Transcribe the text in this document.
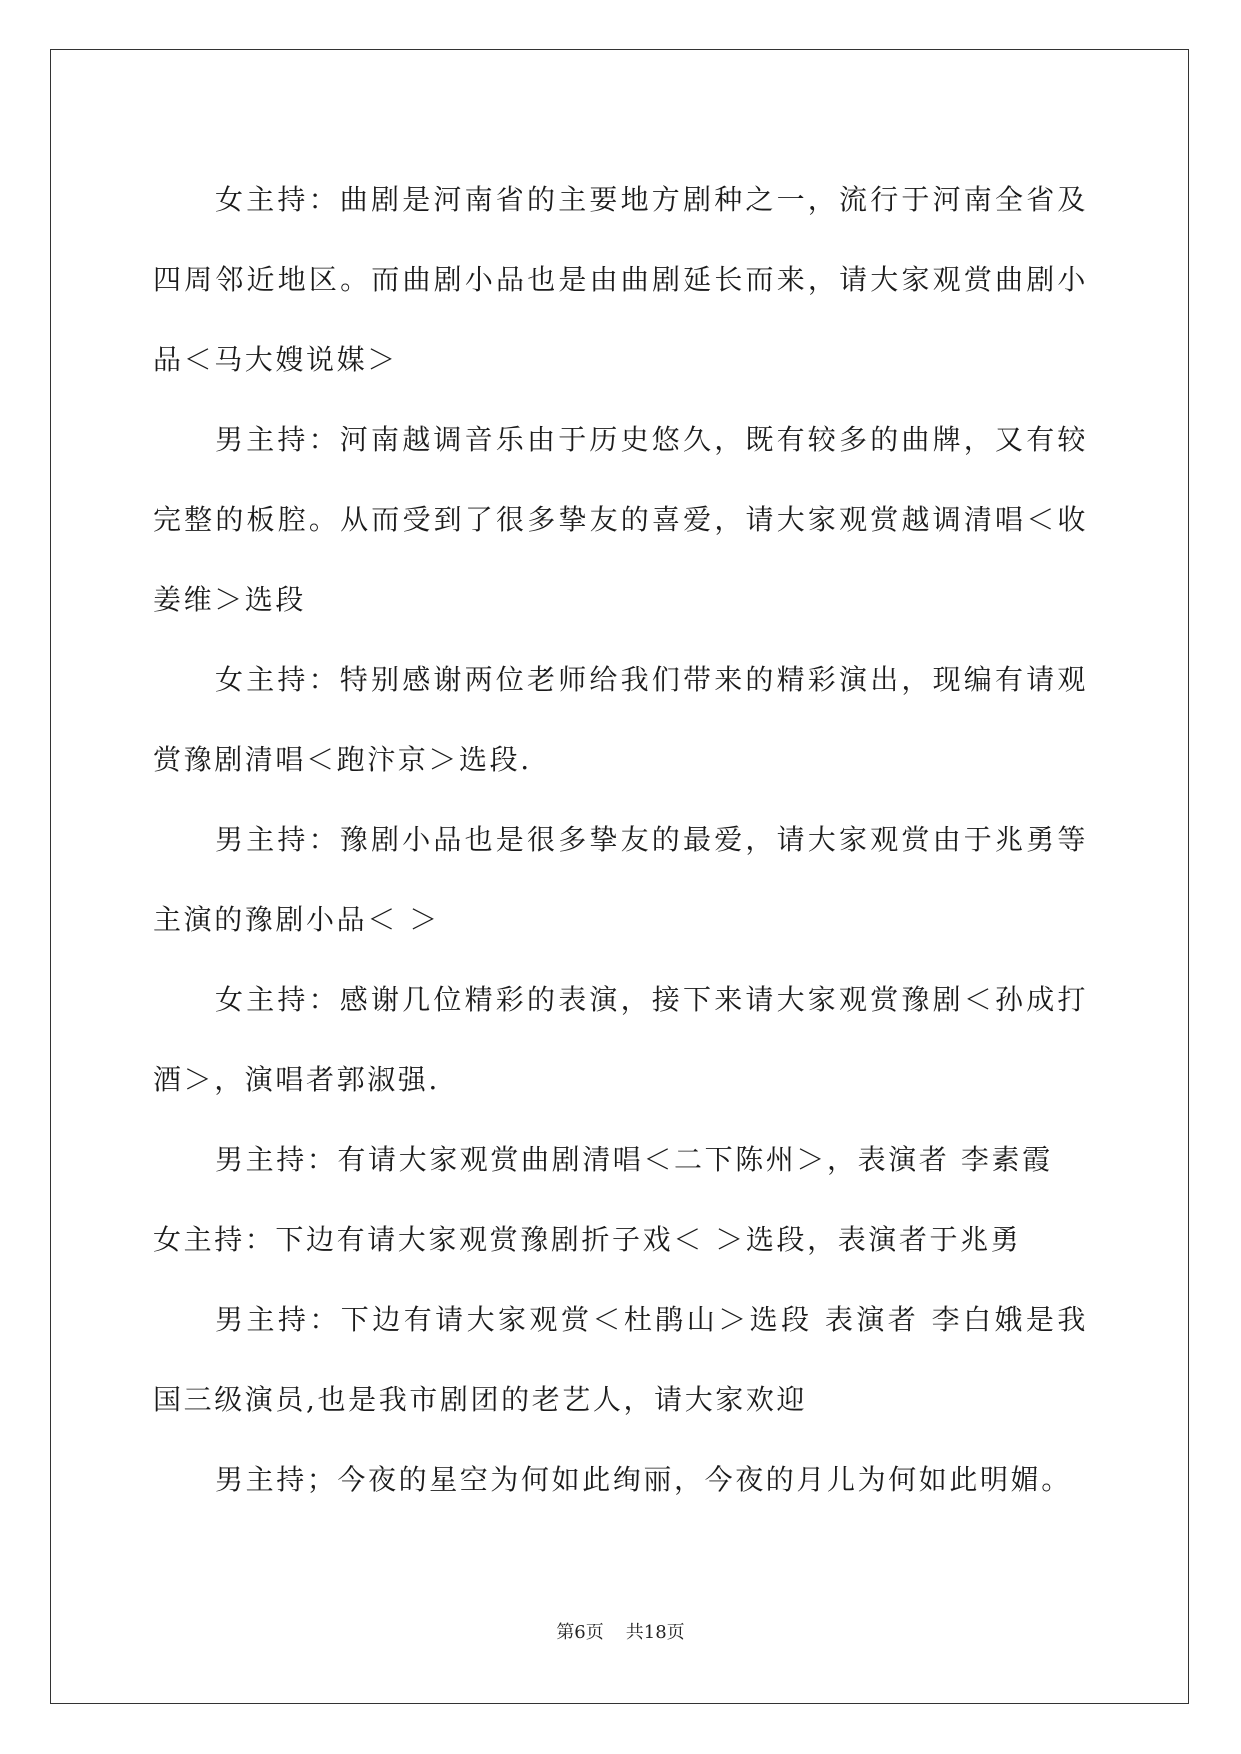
女主持：曲剧是河南省的主要地方剧种之一，流行于河南全省及四周邻近地区。而曲剧小品也是由曲剧延长而来，请大家观赏曲剧小品＜马大嫂说媒＞

男主持：河南越调音乐由于历史悠久，既有较多的曲牌，又有较完整的板腔。从而受到了很多挚友的喜爱，请大家观赏越调清唱＜收姜维＞选段

女主持：特别感谢两位老师给我们带来的精彩演出，现编有请观赏豫剧清唱＜跑汴京＞选段.

男主持：豫剧小品也是很多挚友的最爱，请大家观赏由于兆勇等主演的豫剧小品＜ ＞

女主持：感谢几位精彩的表演，接下来请大家观赏豫剧＜孙成打酒＞，演唱者郭淑强.

男主持：有请大家观赏曲剧清唱＜二下陈州＞，表演者 李素霞

女主持：下边有请大家观赏豫剧折子戏＜ ＞选段，表演者于兆勇

男主持：下边有请大家观赏＜杜鹃山＞选段 表演者 李白娥是我国三级演员,也是我市剧团的老艺人，请大家欢迎

男主持；今夜的星空为何如此绚丽，今夜的月儿为何如此明媚。

第6页 共18页
